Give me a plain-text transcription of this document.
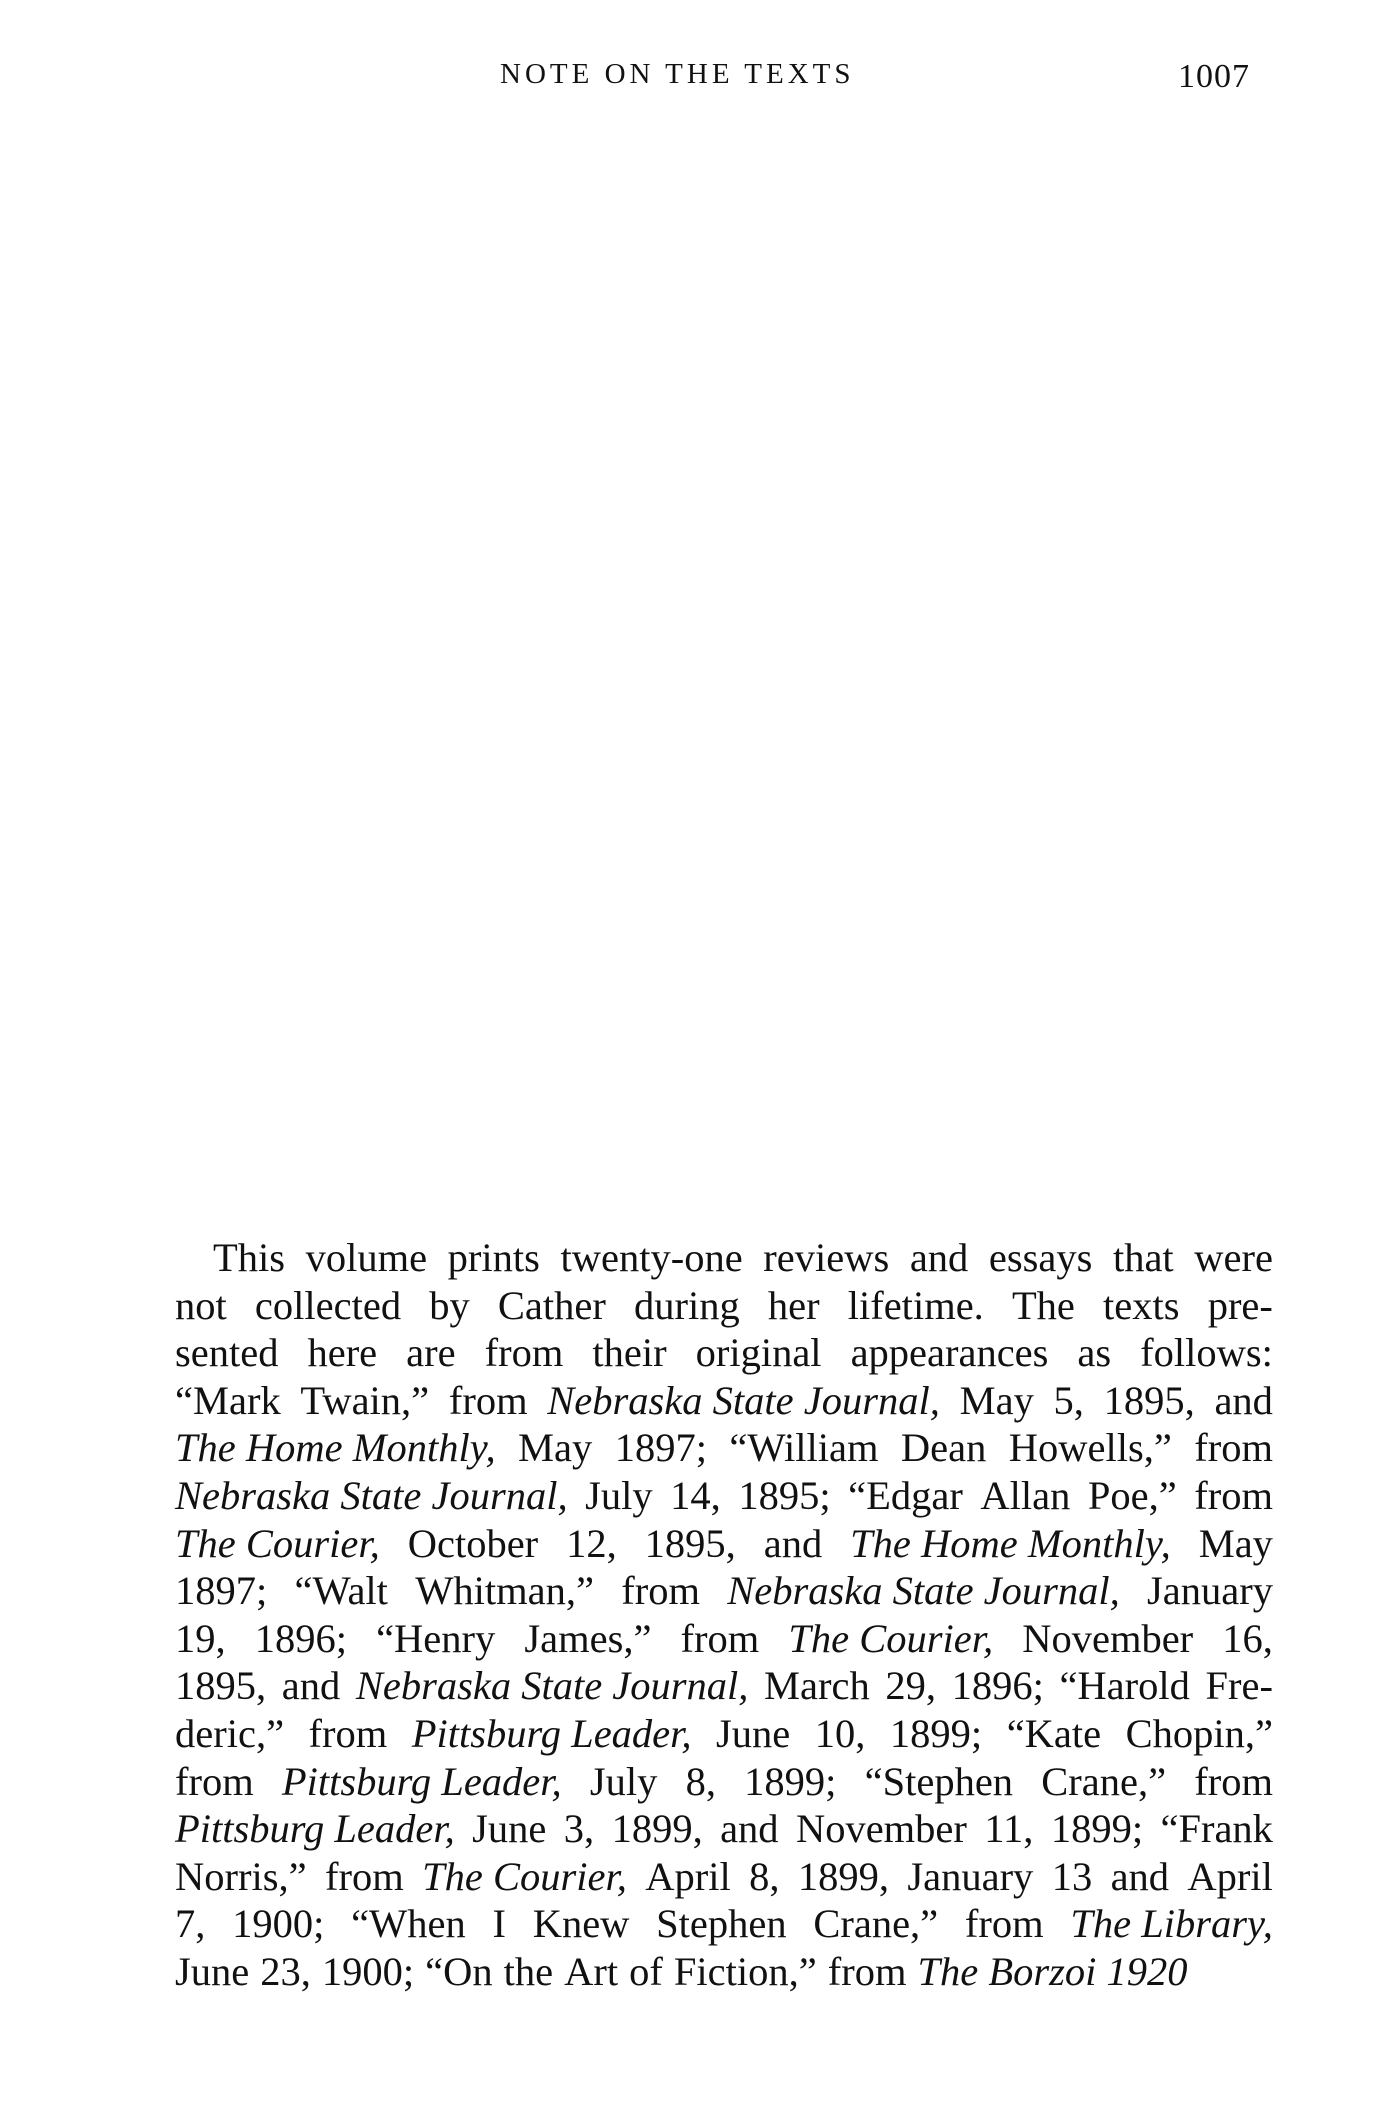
NOTE ON THE TEXTS	1007
This volume prints twenty-one reviews and essays that were
not collected by Cather during her lifetime. The texts pre-
sented here are from their original appearances as follows:
“Mark Twain,” from Nebraska State Journal, May 5, 1895, and
The Home Monthly, May 1897; “William Dean Howells,” from
Nebraska State Journal, July 14, 1895; “Edgar Allan Poe,” from
The Courier, October 12, 1895, and The Home Monthly, May
1897; “Walt Whitman,” from Nebraska State Journal, January
19, 1896; “Henry James,” from The Courier, November 16,
1895, and Nebraska State Journal, March 29, 1896; “Harold Fre-
deric,” from Pittsburg Leader, June 10, 1899; “Kate Chopin,”
from Pittsburg Leader, July 8, 1899; “Stephen Crane,” from
Pittsburg Leader, June 3, 1899, and November 11, 1899; “Frank
Norris,” from The Courier, April 8, 1899, January 13 and April
7, 1900; “When I Knew Stephen Crane,” from The Library,
June 23, 1900; “On the Art of Fiction,” from The Borzoi 1920
